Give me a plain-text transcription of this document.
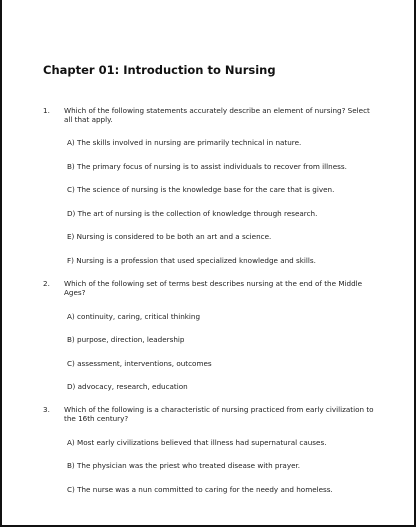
Chapter 01: Introduction to Nursing
1. Which of the following statements accurately describe an element of nursing? Select all that apply.
A) The skills involved in nursing are primarily technical in nature.
B) The primary focus of nursing is to assist individuals to recover from illness.
C) The science of nursing is the knowledge base for the care that is given.
D) The art of nursing is the collection of knowledge through research.
E) Nursing is considered to be both an art and a science.
F) Nursing is a profession that used specialized knowledge and skills.
2. Which of the following set of terms best describes nursing at the end of the Middle Ages?
A) continuity, caring, critical thinking
B) purpose, direction, leadership
C) assessment, interventions, outcomes
D) advocacy, research, education
3. Which of the following is a characteristic of nursing practiced from early civilization to the 16th century?
A) Most early civilizations believed that illness had supernatural causes.
B) The physician was the priest who treated disease with prayer.
C) The nurse was a nun committed to caring for the needy and homeless.
